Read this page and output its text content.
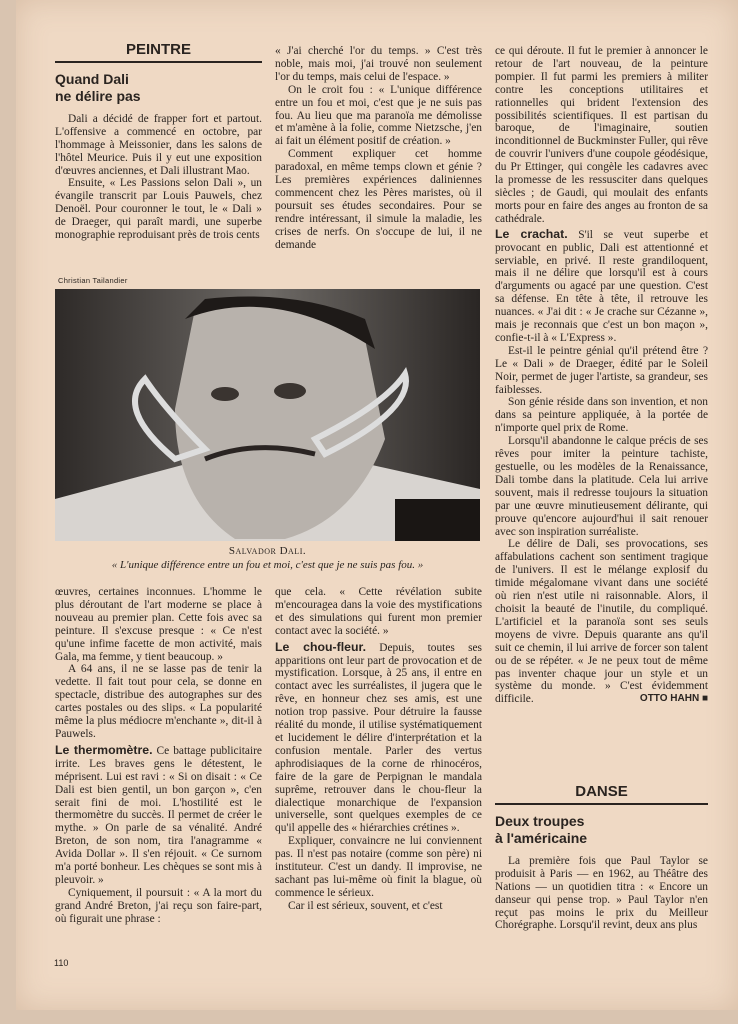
PEINTRE
Quand Dali
ne délire pas

Dali a décidé de frapper fort et partout. L'offensive a commencé en octobre, par l'hommage à Meissonier, dans les salons de l'hôtel Meurice. Puis il y eut une exposition d'œuvres anciennes, et Dali illustrant Mao.

Ensuite, « Les Passions selon Dali », un évangile transcrit par Louis Pauwels, chez Denoël. Pour couronner le tout, le « Dali » de Draeger, qui paraît mardi, une superbe monographie reproduisant près de trois cents

« J'ai cherché l'or du temps. » C'est très noble, mais moi, j'ai trouvé non seulement l'or du temps, mais celui de l'espace. »

On le croit fou : « L'unique différence entre un fou et moi, c'est que je ne suis pas fou. Au lieu que ma paranoïa me démolisse et m'amène à la folie, comme Nietzsche, j'en ai fait un élément positif de création. »

Comment expliquer cet homme paradoxal, en même temps clown et génie ? Les premières expériences daliniennes commencent chez les Pères maristes, où il poursuit ses études secondaires. Pour se rendre intéressant, il simule la maladie, les crises de nerfs. On s'occupe de lui, il ne demande

Christian Tailandier
Salvador Dali.
« L'unique différence entre un fou et moi, c'est que je ne suis pas fou. »

œuvres, certaines inconnues. L'homme le plus déroutant de l'art moderne se place à nouveau au premier plan. Cette fois avec sa peinture. Il s'excuse presque : « Ce n'est qu'une infime facette de mon activité, mais Gala, ma femme, y tient beaucoup. »

A 64 ans, il ne se lasse pas de tenir la vedette. Il fait tout pour cela, se donne en spectacle, distribue des autographes sur des cartes postales ou des slips. « La popularité même la plus médiocre m'enchante », dit-il à Pauwels.

Le thermomètre. Ce battage publicitaire irrite. Les braves gens le détestent, le méprisent. Lui est ravi : « Si on disait : « Ce Dali est bien gentil, un bon garçon », c'en serait fini de moi. L'hostilité est le thermomètre du succès. Il permet de créer le mythe. » On parle de sa vénalité. André Breton, de son nom, tira l'anagramme « Avida Dollar ». Il s'en réjouit. « Ce surnom m'a porté bonheur. Les chèques se sont mis à pleuvoir. »

Cyniquement, il poursuit : « A la mort du grand André Breton, j'ai reçu son faire-part, où figurait une phrase :

que cela. « Cette révélation subite m'encouragea dans la voie des mystifications et des simulations qui furent mon premier contact avec la société. »

Le chou-fleur. Depuis, toutes ses apparitions ont leur part de provocation et de mystification. Lorsque, à 25 ans, il entre en contact avec les surréalistes, il jugera que le rêve, en honneur chez ses amis, est une notion trop passive. Pour détruire la fausse réalité du monde, il utilise systématiquement et lucidement le délire d'interprétation et la confusion mentale. Parler des vertus aphrodisiaques de la corne de rhinocéros, faire de la gare de Perpignan le mandala suprême, retrouver dans le chou-fleur la dialectique monarchique de l'expansion universelle, sont quelques exemples de ce qu'il appelle des « hiérarchies crétines ».

Expliquer, convaincre ne lui conviennent pas. Il n'est pas notaire (comme son père) ni instituteur. C'est un dandy. Il improvise, ne sachant pas lui-même où finit la blague, où commence le sérieux.

Car il est sérieux, souvent, et c'est

ce qui déroute. Il fut le premier à annoncer le retour de l'art nouveau, de la peinture pompier. Il fut parmi les premiers à militer contre les conceptions utilitaires et rationnelles qui brident l'extension des possibilités scientifiques. Il est partisan du baroque, de l'imaginaire, soutien inconditionnel de Buckminster Fuller, qui rêve de couvrir l'univers d'une coupole géodésique, du Pr Ettinger, qui congèle les cadavres avec la promesse de les ressusciter dans quelques siècles ; de Gaudi, qui moulait des enfants morts pour en faire des anges au fronton de sa cathédrale.

Le crachat. S'il se veut superbe et provocant en public, Dali est attentionné et serviable, en privé. Il reste grandiloquent, mais il ne délire que lorsqu'il est à cours d'arguments ou agacé par une question. C'est sa défense. En tête à tête, il retrouve les nuances. « J'ai dit : « Je crache sur Cézanne », mais je reconnais que c'est un bon maçon », confie-t-il à « L'Express ».

Est-il le peintre génial qu'il prétend être ? Le « Dali » de Draeger, édité par le Soleil Noir, permet de juger l'artiste, sa grandeur, ses faiblesses.

Son génie réside dans son invention, et non dans sa peinture appliquée, à la portée de n'importe quel prix de Rome.

Lorsqu'il abandonne le calque précis de ses rêves pour imiter la peinture tachiste, gestuelle, ou les modèles de la Renaissance, Dali tombe dans la platitude. Cela lui arrive souvent, mais il redresse toujours la situation par une œuvre minutieusement délirante, qui prouve qu'encore aujourd'hui il sait renouer avec son inspiration surréaliste.

Le délire de Dali, ses provocations, ses affabulations cachent son sentiment tragique de l'univers. Il est le mélange explosif du timide mégalomane vivant dans une société où rien n'est utile ni raisonnable. Alors, il choisit la beauté de l'inutile, du compliqué. L'artificiel et la paranoïa sont ses seuls moyens de vivre. Depuis quarante ans qu'il suit ce chemin, il lui arrive de forcer son talent ou de se répéter. « Je ne peux tout de même pas inventer chaque jour un style et un système du monde. » C'est évidemment difficile.	OTTO HAHN ■

DANSE
Deux troupes
à l'américaine

La première fois que Paul Taylor se produisit à Paris — en 1962, au Théâtre des Nations — un quotidien titra : « Encore un danseur qui pense trop. » Paul Taylor n'en reçut pas moins le prix du Meilleur Chorégraphe. Lorsqu'il revint, deux ans plus

110
